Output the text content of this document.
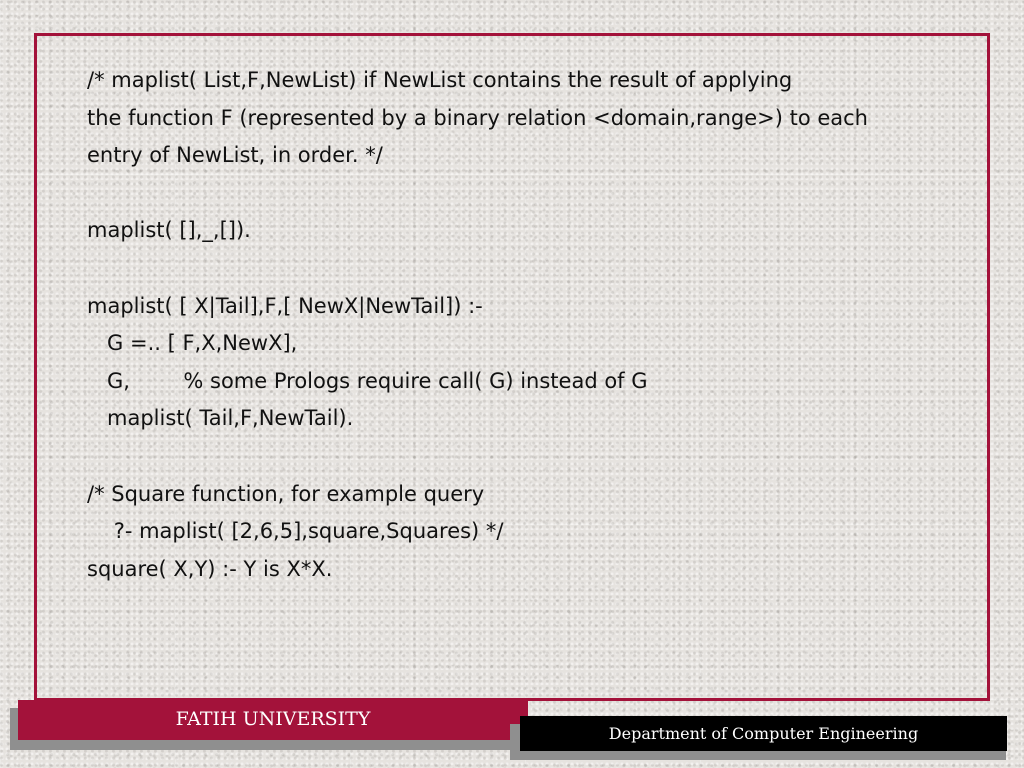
/* maplist( List,F,NewList) if NewList contains the result of applying
the function F (represented by a binary relation <domain,range>) to each
entry of NewList, in order. */
maplist( [],_,[]).
maplist( [ X|Tail],F,[ NewX|NewTail]) :-
G =.. [ F,X,NewX],
G,        % some Prologs require call( G) instead of G
maplist( Tail,F,NewTail).
/* Square function, for example query
?- maplist( [2,6,5],square,Squares) */
square( X,Y) :- Y is X*X.
FATIH UNIVERSITY
Department of Computer Engineering
